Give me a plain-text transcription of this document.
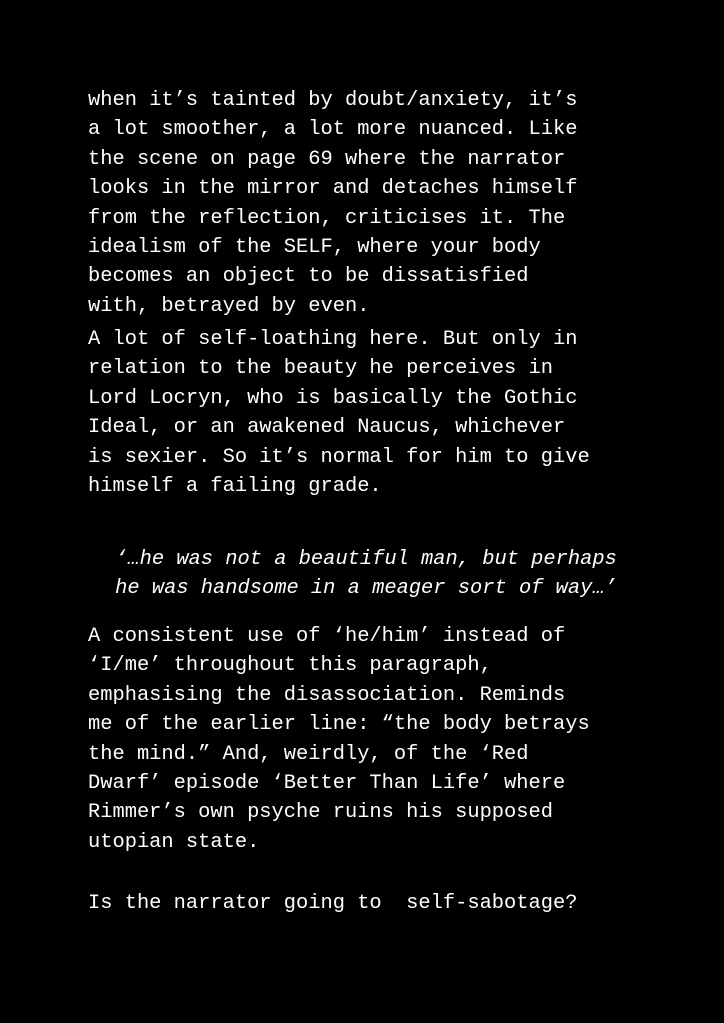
when it’s tainted by doubt/anxiety, it’s
a lot smoother, a lot more nuanced. Like
the scene on page 69 where the narrator
looks in the mirror and detaches himself
from the reflection, criticises it. The
idealism of the SELF, where your body
becomes an object to be dissatisfied
with, betrayed by even.

A lot of self-loathing here. But only in
relation to the beauty he perceives in
Lord Locryn, who is basically the Gothic
Ideal, or an awakened Naucus, whichever
is sexier. So it’s normal for him to give
himself a failing grade.

‘…he was not a beautiful man, but perhaps
he was handsome in a meager sort of way…’

A consistent use of ‘he/him’ instead of
‘I/me’ throughout this paragraph,
emphasising the disassociation. Reminds
me of the earlier line: “the body betrays
the mind.” And, weirdly, of the ‘Red
Dwarf’ episode ‘Better Than Life’ where
Rimmer’s own psyche ruins his supposed
utopian state.

Is the narrator going to  self-sabotage?
